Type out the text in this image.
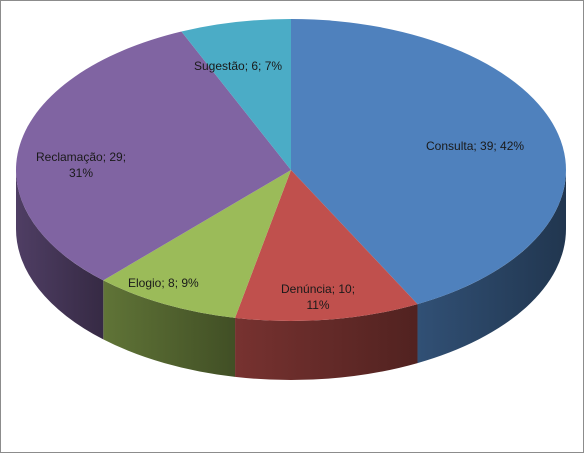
Consulta; 39; 42%
Denúncia; 10;
11%
Elogio; 8; 9%
Reclamação; 29;
31%
Sugestão; 6; 7%
